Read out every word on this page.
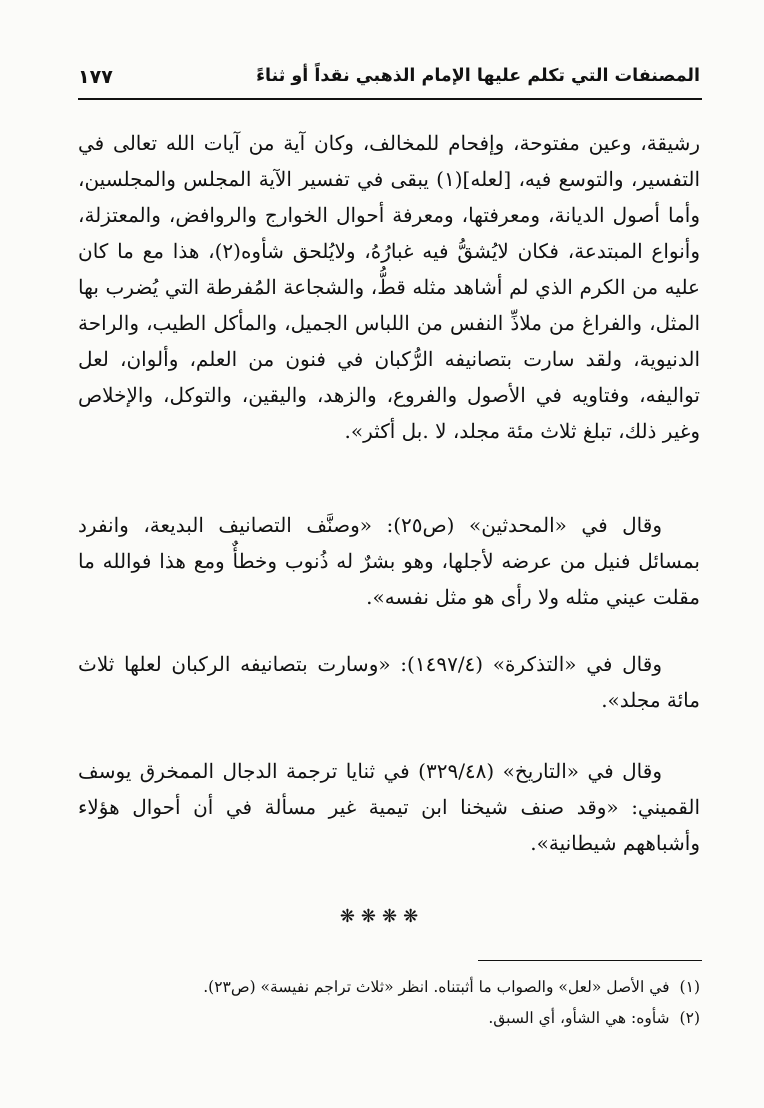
المصنفات التي تكلم عليها الإمام الذهبي نقداً أو ثناءً
١٧٧

رشيقة، وعين مفتوحة، وإفحام للمخالف، وكان آية من آيات الله تعالى في التفسير، والتوسع فيه، [لعله](١) يبقى في تفسير الآية المجلس والمجلسين، وأما أصول الديانة، ومعرفتها، ومعرفة أحوال الخوارج والروافض، والمعتزلة، وأنواع المبتدعة، فكان لايُشقُّ فيه غبارُهُ، ولايُلحق شأوه(٢)، هذا مع ما كان عليه من الكرم الذي لم أشاهد مثله قطُّ، والشجاعة المُفرطة التي يُضرب بها المثل، والفراغ من ملاذِّ النفس من اللباس الجميل، والمأكل الطيب، والراحة الدنيوية، ولقد سارت بتصانيفه الرُّكبان في فنون من العلم، وألوان، لعل تواليفه، وفتاويه في الأصول والفروع، والزهد، واليقين، والتوكل، والإخلاص وغير ذلك، تبلغ ثلاث مئة مجلد، لا .بل أكثر».

وقال في «المحدثين» (ص٢٥): «وصنَّف التصانيف البديعة، وانفرد بمسائل فنيل من عرضه لأجلها، وهو بشرٌ له ذُنوب وخطأٌ ومع هذا فوالله ما مقلت عيني مثله ولا رأى هو مثل نفسه».

وقال في «التذكرة» (١٤٩٧/٤): «وسارت بتصانيفه الركبان لعلها ثلاث مائة مجلد».

وقال في «التاريخ» (٣٢٩/٤٨) في ثنايا ترجمة الدجال الممخرق يوسف القميني: «وقد صنف شيخنا ابن تيمية غير مسألة في أن أحوال هؤلاء وأشباههم شيطانية».

❋❋❋❋

(١)في الأصل «لعل» والصواب ما أثبتناه. انظر «ثلاث تراجم نفيسة» (ص٢٣).

(٢)شأوه: هي الشأو، أي السبق.
